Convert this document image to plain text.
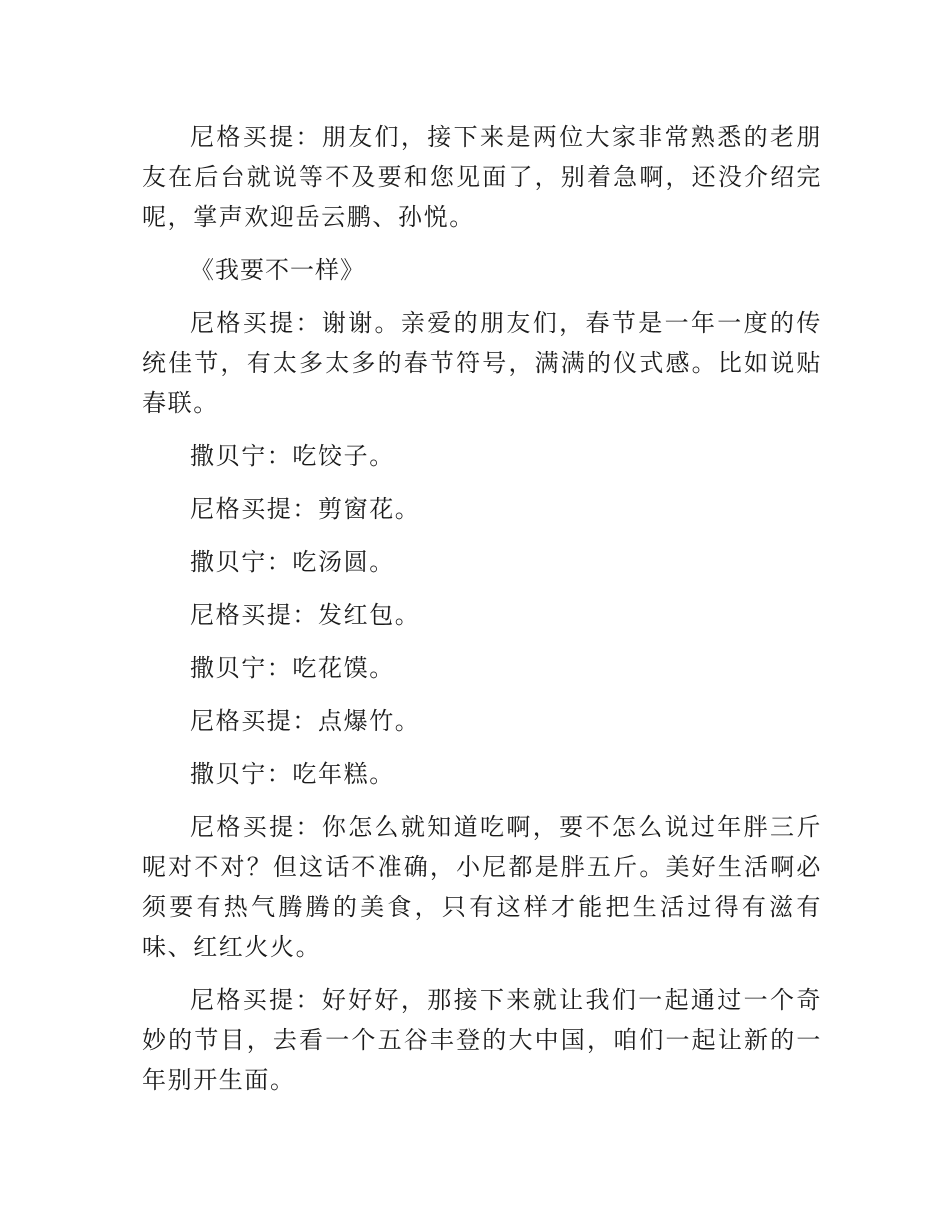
尼格买提：朋友们，接下来是两位大家非常熟悉的老朋友在后台就说等不及要和您见面了，别着急啊，还没介绍完呢，掌声欢迎岳云鹏、孙悦。

《我要不一样》

尼格买提：谢谢。亲爱的朋友们，春节是一年一度的传统佳节，有太多太多的春节符号，满满的仪式感。比如说贴春联。

撒贝宁：吃饺子。

尼格买提：剪窗花。

撒贝宁：吃汤圆。

尼格买提：发红包。

撒贝宁：吃花馍。

尼格买提：点爆竹。

撒贝宁：吃年糕。

尼格买提：你怎么就知道吃啊，要不怎么说过年胖三斤呢对不对？但这话不准确，小尼都是胖五斤。美好生活啊必须要有热气腾腾的美食，只有这样才能把生活过得有滋有味、红红火火。

尼格买提：好好好，那接下来就让我们一起通过一个奇妙的节目，去看一个五谷丰登的大中国，咱们一起让新的一年别开生面。
